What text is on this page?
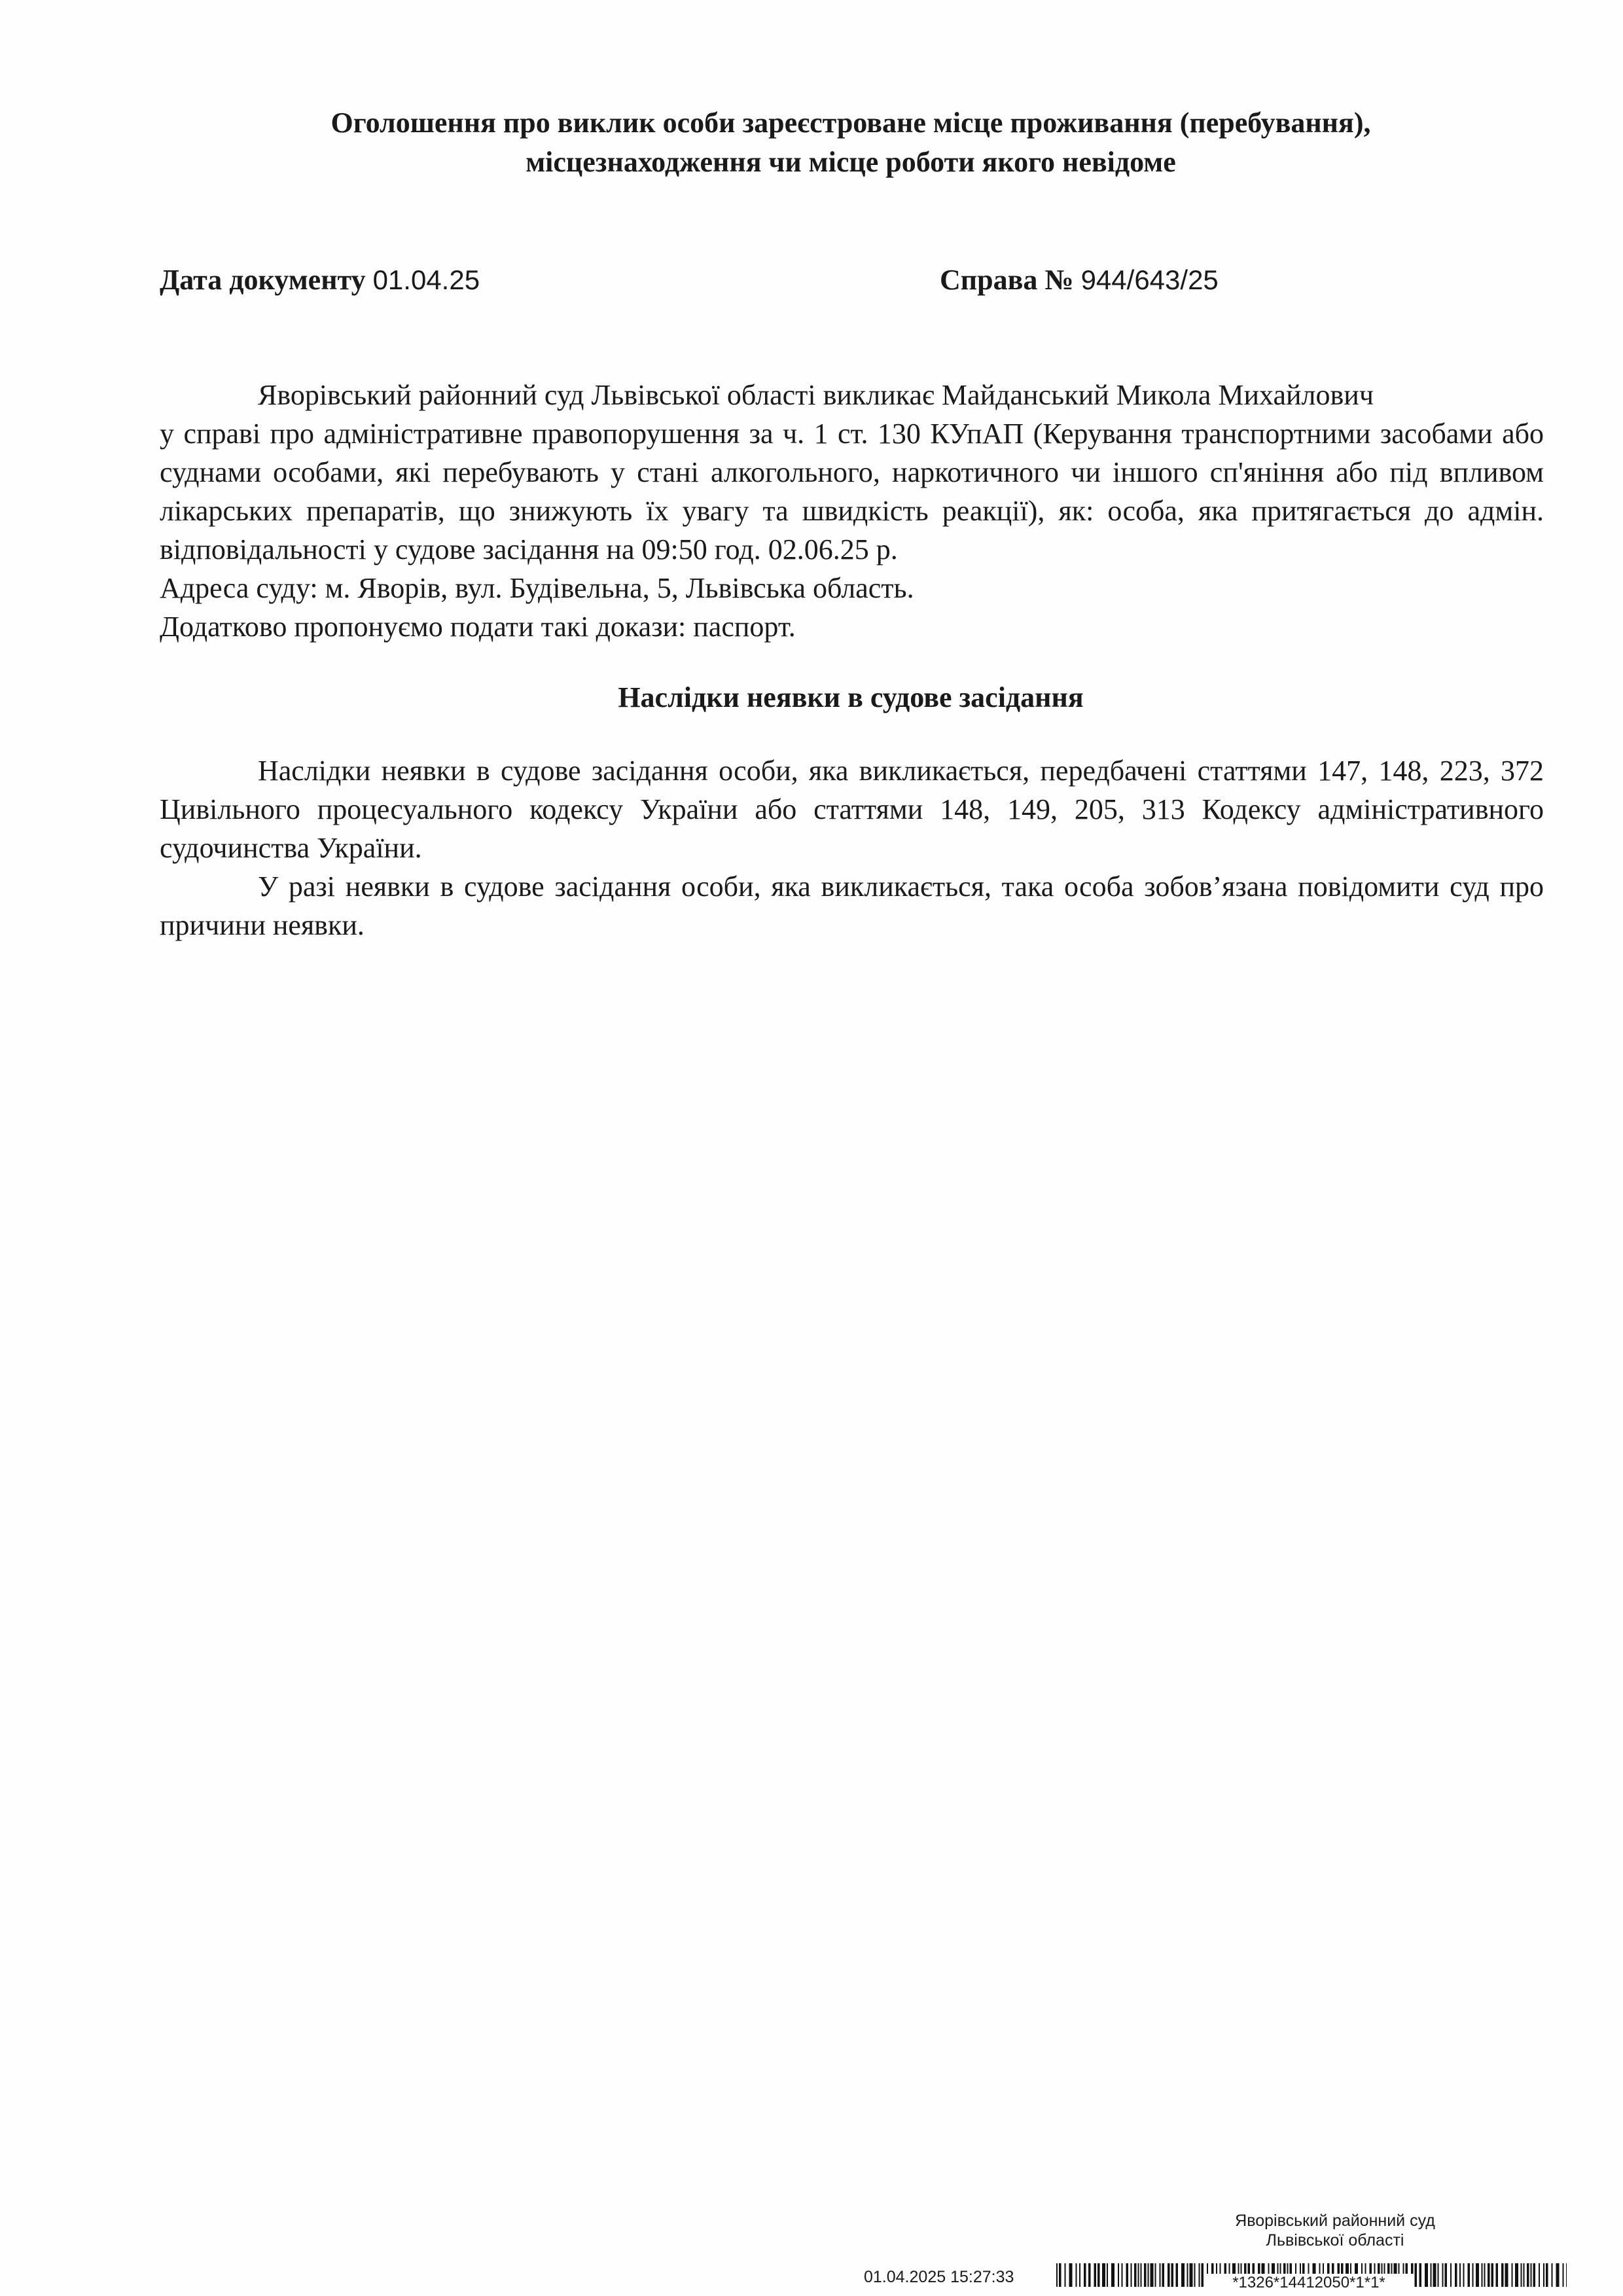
Оголошення про виклик особи зареєстроване місце проживання (перебування),
місцезнаходження чи місце роботи якого невідоме
Дата документу 01.04.25	Справа № 944/643/25

Яворівський районний суд Львівської області викликає Майданський Микола Михайлович

у справі про адміністративне правопорушення за ч. 1 ст. 130 КУпАП (Керування транспортними засобами або суднами особами, які перебувають у стані алкогольного, наркотичного чи іншого сп'яніння або під впливом лікарських препаратів, що знижують їх увагу та швидкість реакції), як: особа, яка притягається до адмін. відповідальності у судове засідання на 09:50 год. 02.06.25 р.

Адреса суду: м. Яворів, вул. Будівельна, 5, Львівська область.

Додатково пропонуємо подати такі докази: паспорт.

Наслідки неявки в судове засідання

Наслідки неявки в судове засідання особи, яка викликається, передбачені статтями 147, 148, 223, 372 Цивільного процесуального кодексу України або статтями 148, 149, 205, 313 Кодексу адміністративного судочинства України.

У разі неявки в судове засідання особи, яка викликається, така особа зобов’язана повідомити суд про причини неявки.

Яворівський районний суд
Львівської області
01.04.2025 15:27:33	*1326*14412050*1*1*
